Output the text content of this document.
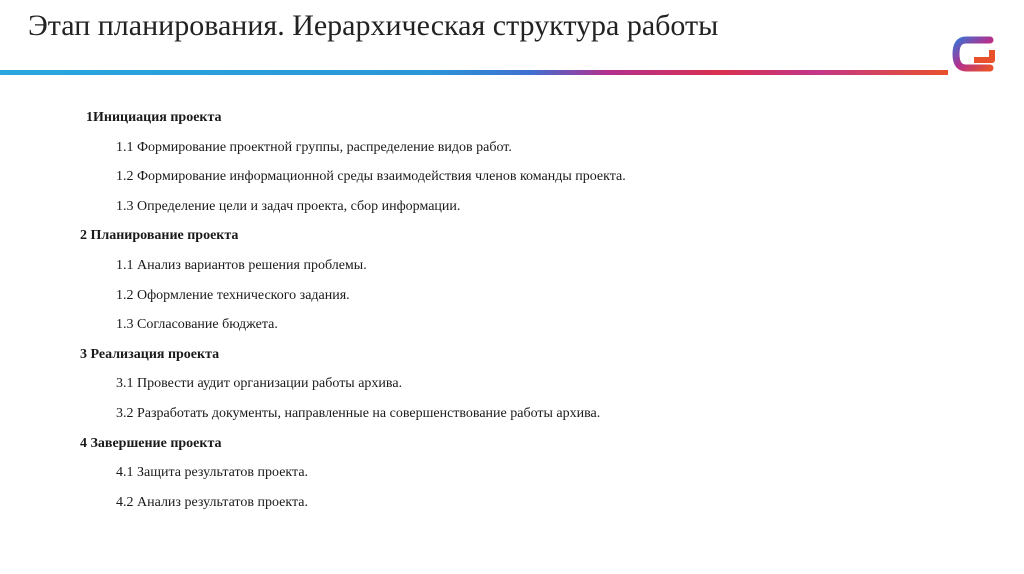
Этап планирования. Иерархическая структура работы
1Инициация проекта
1.1 Формирование проектной группы, распределение видов работ.
1.2 Формирование информационной среды взаимодействия членов команды проекта.
1.3 Определение цели и задач проекта, сбор информации.
2 Планирование проекта
1.1 Анализ вариантов решения проблемы.
1.2 Оформление технического задания.
1.3 Согласование бюджета.
3 Реализация проекта
3.1 Провести аудит организации работы архива.
3.2 Разработать документы, направленные на совершенствование работы архива.
4 Завершение проекта
4.1 Защита результатов проекта.
4.2 Анализ результатов проекта.
